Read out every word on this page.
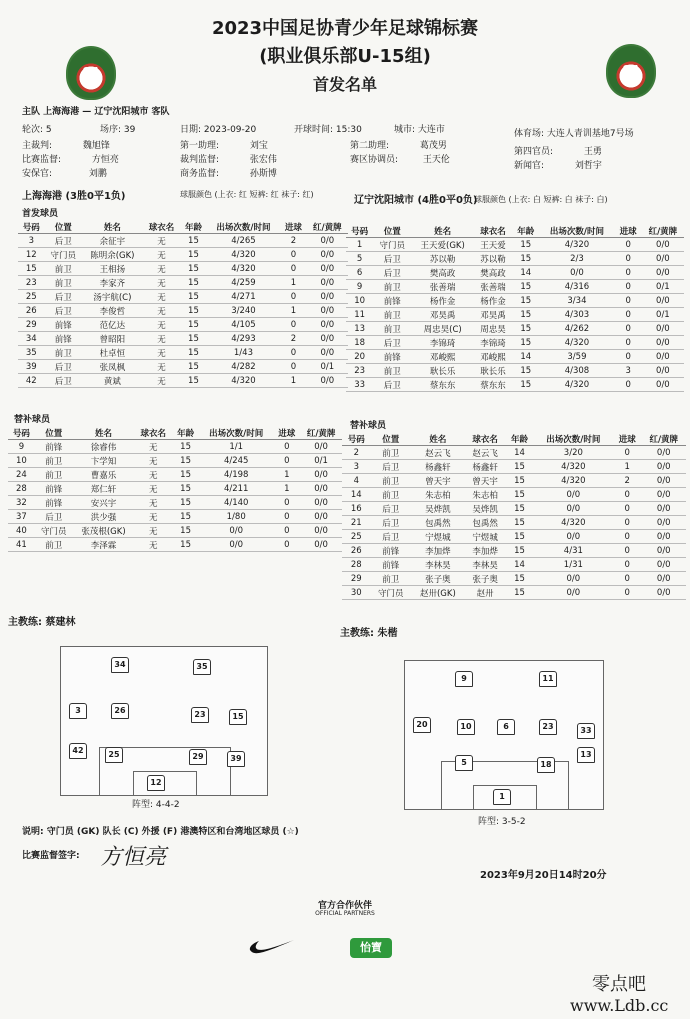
CFA	CFA
2023中国足协青少年足球锦标赛
(职业俱乐部U-15组)
首发名单
主队 上海海港 — 辽宁沈阳城市 客队
轮次: 5	场序: 39	日期: 2023-09-20	开球时间: 15:30	城市: 大连市	体育场: 大连人青训基地7号场
主裁判:	魏旭锋	第一助理:	刘宝	第二助理:	葛茂男
第四官员:	王勇
比赛监督:	方恒亮	裁判监督:	张宏伟	赛区协调员:	王天伦
新闻官:	刘哲宇
安保官:	刘鹏	商务监督:	孙斯博
上海海港 (3胜0平1负)	球服颜色 (上衣: 红 短裤: 红 袜子: 红)
辽宁沈阳城市 (4胜0平0负)
球服颜色 (上衣: 白 短裤: 白 袜子: 白)
首发球员
号码	位置	姓名	球衣名	年龄	出场次数/时间	进球	红/黄牌
3	后卫	余征宇	无	15	4/265	2	0/0
12	守门员	陈明余(GK)	无	15	4/320	0	0/0
15	前卫	王相扬	无	15	4/320	0	0/0
23	前卫	李家齐	无	15	4/259	1	0/0
25	后卫	汤宇航(C)	无	15	4/271	0	0/0
26	后卫	李俊哲	无	15	3/240	1	0/0
29	前锋	范亿达	无	15	4/105	0	0/0
34	前锋	曾昭阳	无	15	4/293	2	0/0
35	前卫	杜卓恒	无	15	1/43	0	0/0
39	后卫	张凤枫	无	15	4/282	0	0/1
42	后卫	黄斌	无	15	4/320	1	0/0
号码	位置	姓名	球衣名	年龄	出场次数/时间	进球	红/黄牌
1	守门员	王天爱(GK)	王天爱	15	4/320	0	0/0
5	后卫	苏以勒	苏以勒	15	2/3	0	0/0
6	后卫	樊高政	樊高政	14	0/0	0	0/0
9	前卫	张善瑞	张善瑞	15	4/316	0	0/1
10	前锋	杨作金	杨作金	15	3/34	0	0/0
11	前卫	邓昊禹	邓昊禹	15	4/303	0	0/1
13	前卫	周忠昊(C)	周忠昊	15	4/262	0	0/0
18	后卫	李锦琦	李锦琦	15	4/320	0	0/0
20	前锋	邓峻熙	邓峻熙	14	3/59	0	0/0
23	前卫	耿长乐	耿长乐	15	4/308	3	0/0
33	后卫	蔡东东	蔡东东	15	4/320	0	0/0
替补球员
号码	位置	姓名	球衣名	年龄	出场次数/时间	进球	红/黄牌
9	前锋	徐睿伟	无	15	1/1	0	0/0
10	前卫	卞学知	无	15	4/245	0	0/1
24	前卫	曹嘉乐	无	15	4/198	1	0/0
28	前锋	郑仁轩	无	15	4/211	1	0/0
32	前锋	安兴宇	无	15	4/140	0	0/0
37	后卫	洪少强	无	15	1/80	0	0/0
40	守门员	张茂根(GK)	无	15	0/0	0	0/0
41	前卫	李泽霖	无	15	0/0	0	0/0
替补球员
号码	位置	姓名	球衣名	年龄	出场次数/时间	进球	红/黄牌
2	前卫	赵云飞	赵云飞	14	3/20	0	0/0
3	后卫	杨鑫轩	杨鑫轩	15	4/320	1	0/0
4	前卫	曾天宇	曾天宇	15	4/320	2	0/0
14	前卫	朱志柏	朱志柏	15	0/0	0	0/0
16	后卫	吴烨凯	吴烨凯	15	0/0	0	0/0
21	后卫	包禹然	包禹然	15	4/320	0	0/0
25	后卫	宁煜城	宁煜城	15	0/0	0	0/0
26	前锋	李加烨	李加烨	15	4/31	0	0/0
28	前锋	李林昊	李林昊	14	1/31	0	0/0
29	前卫	张子奥	张子奥	15	0/0	0	0/0
30	守门员	赵卅(GK)	赵卅	15	0/0	0	0/0
主教练: 蔡建林
主教练: 朱楷
34	35
3	26	23	15
42	25	29	39
12
阵型: 4-4-2
9	11
20	10	6	23	33
5	18
1
13
阵型: 3-5-2
说明: 守门员 (GK) 队长 (C) 外援 (F) 港澳特区和台湾地区球员 (☆)
比赛监督签字: 方恒亮
2023年9月20日14时20分
官方合作伙伴
OFFICIAL PARTNERS
怡寶
零点吧
www.Ldb.cc
